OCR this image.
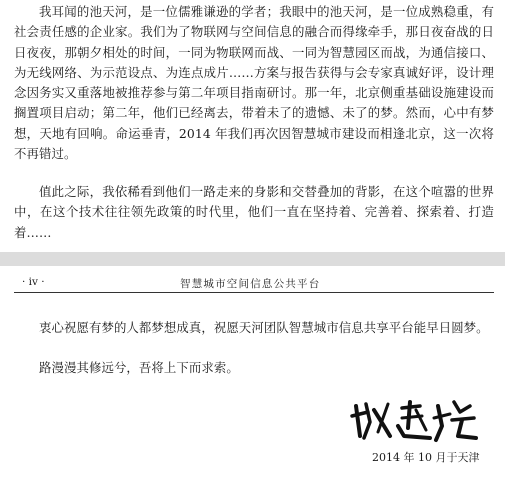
我耳闻的池天河，是一位儒雅谦逊的学者；我眼中的池天河，是一位成熟稳重，有社会责任感的企业家。我们为了物联网与空间信息的融合而得缘牵手，那日夜奋战的日日夜夜，那朝夕相处的时间，一同为物联网而战、一同为智慧园区而战，为通信接口、为无线网络、为示范设点、为连点成片……方案与报告获得与会专家真诚好评，设计理念因务实又重落地被推荐参与第二年项目指南研讨。那一年，北京侧重基础设施建设而搁置项目启动；第二年，他们已经离去，带着未了的遗憾、未了的梦。然而，心中有梦想，天地有回响。命运垂青，2014 年我们再次因智慧城市建设而相逢北京，这一次将不再错过。

值此之际，我依稀看到他们一路走来的身影和交替叠加的背影，在这个喧嚣的世界中，在这个技术往往领先政策的时代里，他们一直在坚持着、完善着、探索着、打造着……

· iv ·	智慧城市空间信息公共平台

衷心祝愿有梦的人都梦想成真，祝愿天河团队智慧城市信息共享平台能早日圆梦。

路漫漫其修远兮，吾将上下而求索。

2014 年 10 月于天津
